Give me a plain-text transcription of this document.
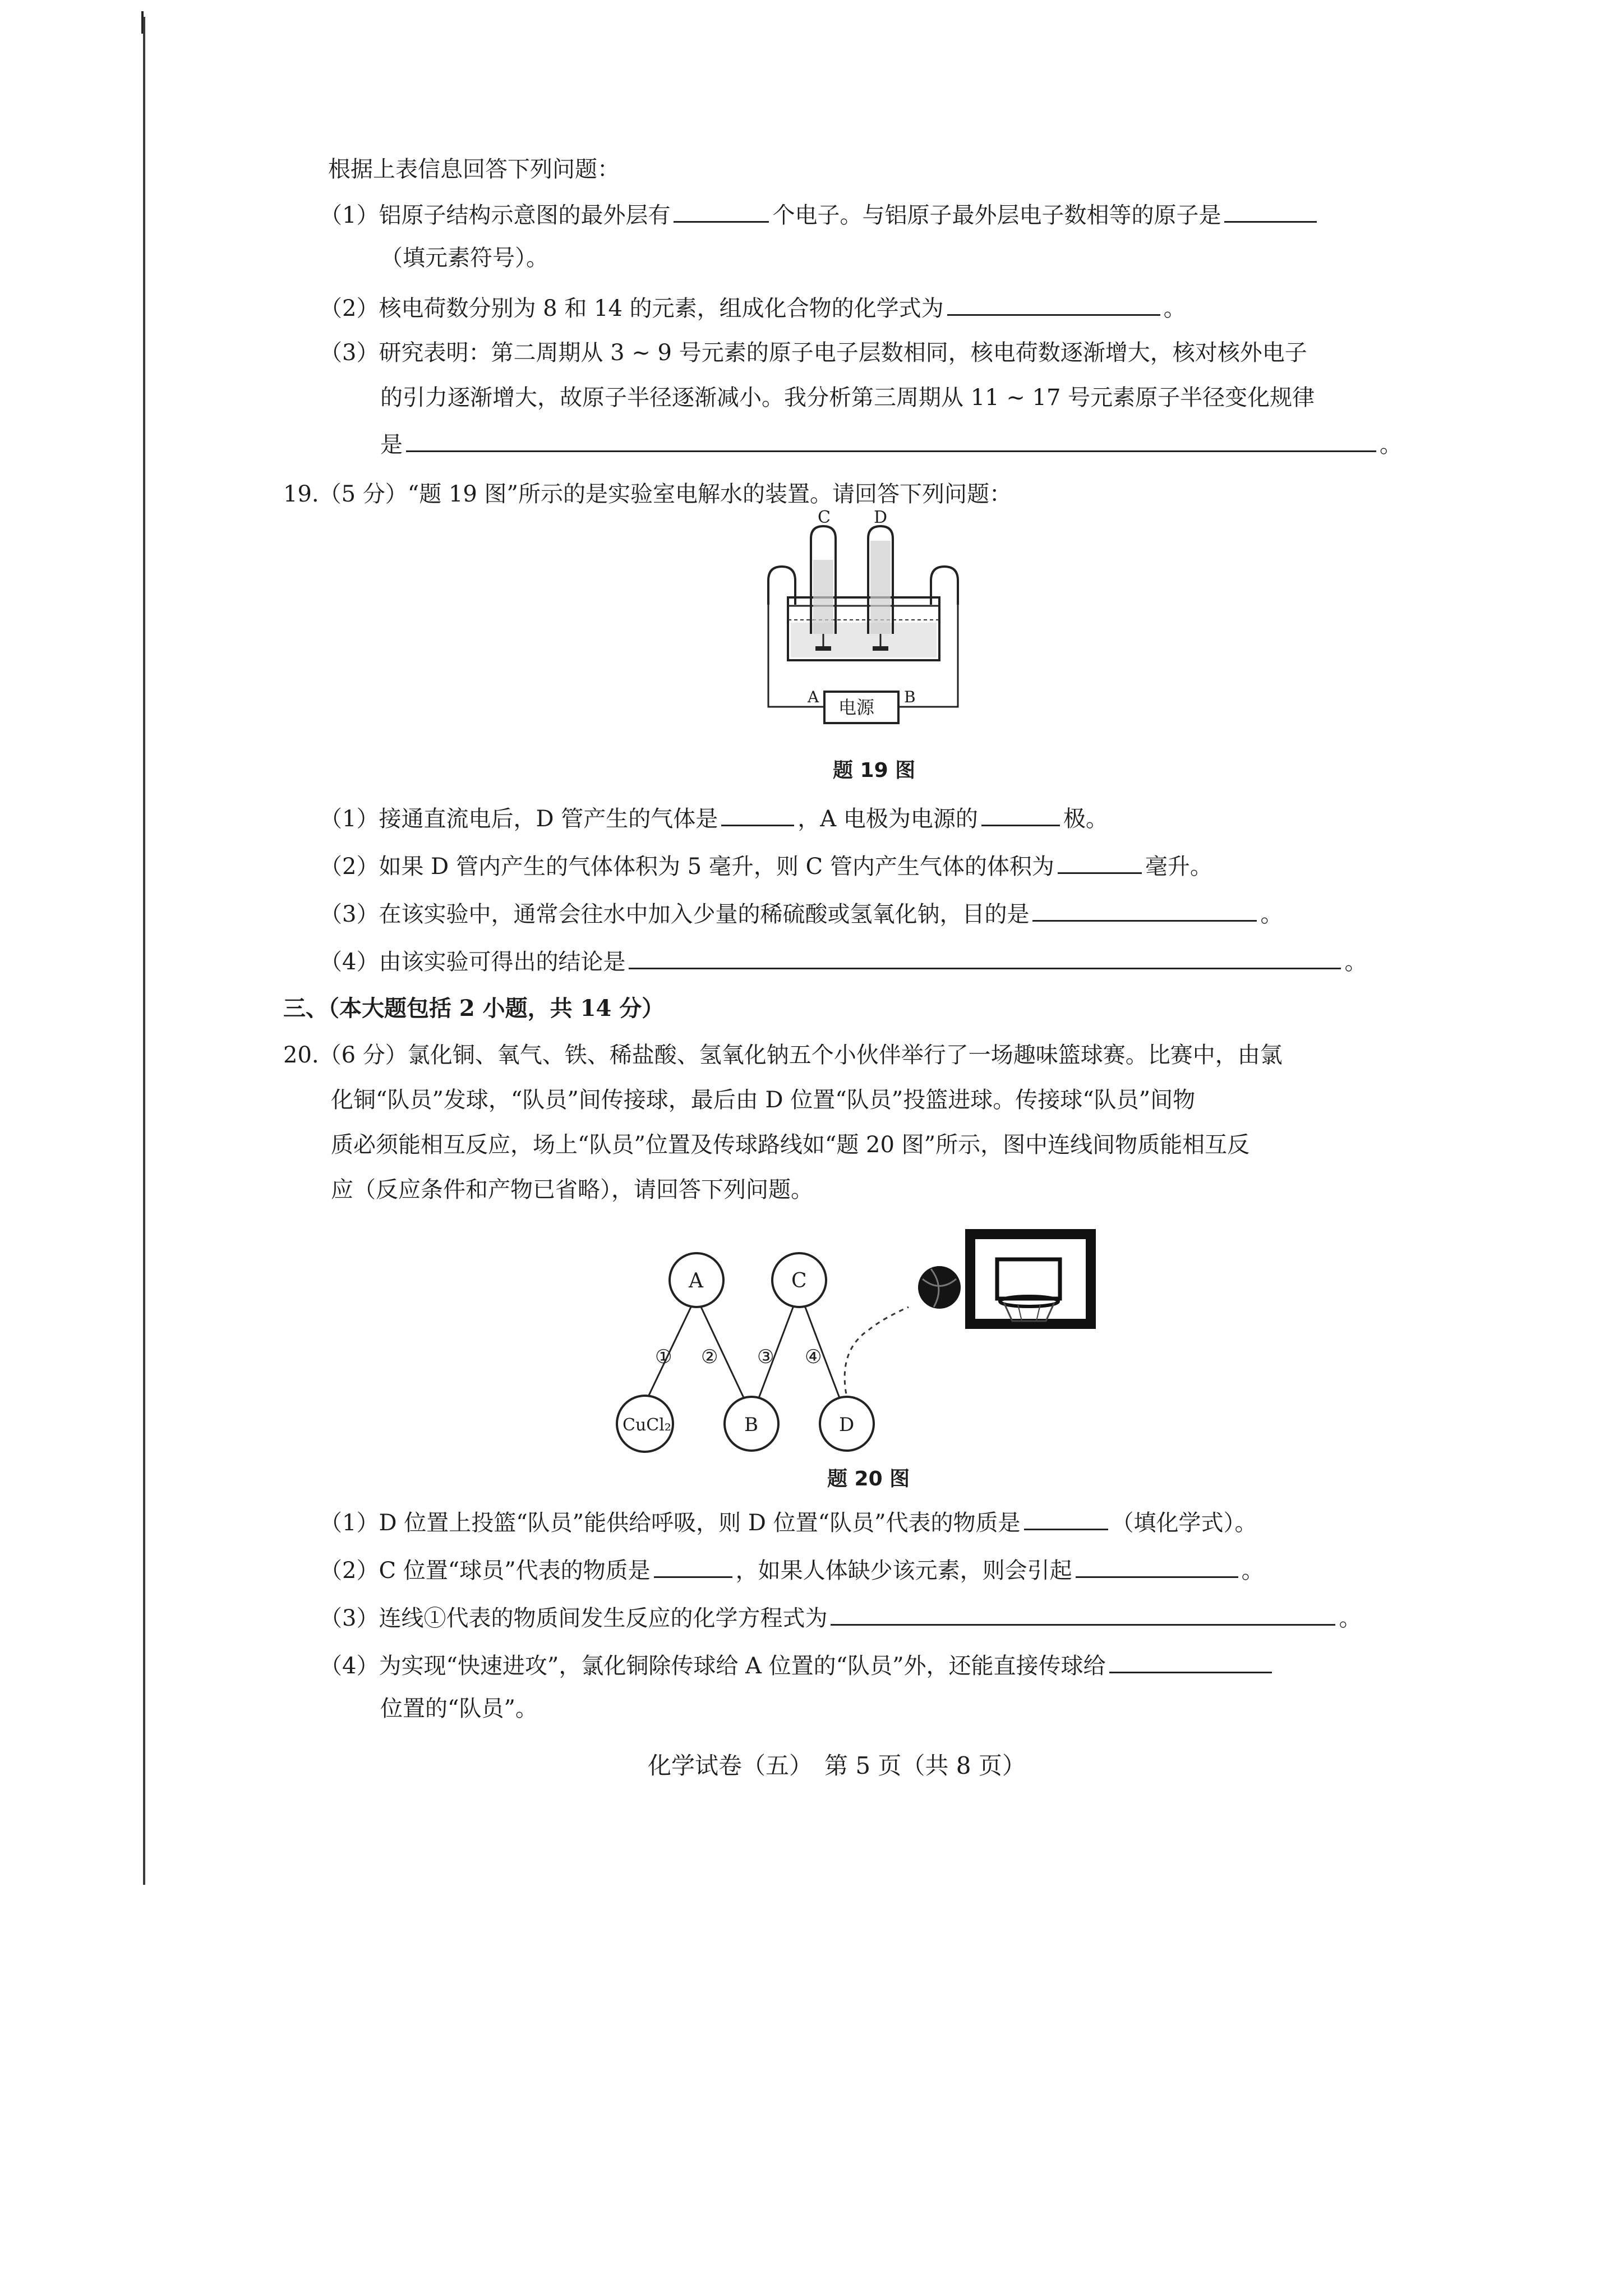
根据上表信息回答下列问题：
（1）铝原子结构示意图的最外层有	个电子。与铝原子最外层电子数相等的原子是
（填元素符号）。
（2）核电荷数分别为 8 和 14 的元素，组成化合物的化学式为	。
（3）研究表明：第二周期从 3 ~ 9 号元素的原子电子层数相同，核电荷数逐渐增大，核对核外电子
的引力逐渐增大，故原子半径逐渐减小。我分析第三周期从 11 ~ 17 号元素原子半径变化规律
是	。
19.（5 分）“题 19 图”所示的是实验室电解水的装置。请回答下列问题：
C	D
电源
A	B
题 19 图
（1）接通直流电后，D 管产生的气体是	，A 电极为电源的	极。
（2）如果 D 管内产生的气体体积为 5 毫升，则 C 管内产生气体的体积为	毫升。
（3）在该实验中，通常会往水中加入少量的稀硫酸或氢氧化钠，目的是	。
（4）由该实验可得出的结论是	。
三、（本大题包括 2 小题，共 14 分）
20.（6 分）氯化铜、氧气、铁、稀盐酸、氢氧化钠五个小伙伴举行了一场趣味篮球赛。比赛中，由氯
化铜“队员”发球，“队员”间传接球，最后由 D 位置“队员”投篮进球。传接球“队员”间物
质必须能相互反应，场上“队员”位置及传球路线如“题 20 图”所示，图中连线间物质能相互反
应（反应条件和产物已省略），请回答下列问题。
A	C
CuCl₂	B	D
① ② ③ ④
题 20 图
（1）D 位置上投篮“队员”能供给呼吸，则 D 位置“队员”代表的物质是	（填化学式）。
（2）C 位置“球员”代表的物质是	，如果人体缺少该元素，则会引起	。
（3）连线①代表的物质间发生反应的化学方程式为	。
（4）为实现“快速进攻”，氯化铜除传球给 A 位置的“队员”外，还能直接传球给
位置的“队员”。
化学试卷（五）　第 5 页（共 8 页）
